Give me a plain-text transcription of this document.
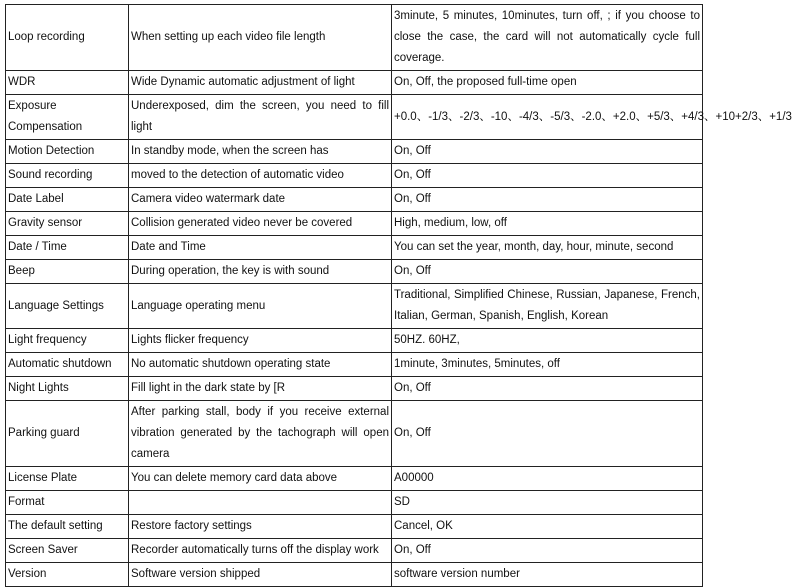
Loop recording	When setting up each video file length	3minute, 5 minutes, 10minutes, turn off, ; if you choose to close the case, the card will not automatically cycle full coverage.
WDR	Wide Dynamic automatic adjustment of light	On, Off, the proposed full-time open
Exposure Compensation	Underexposed, dim the screen, you need to fill light	+0.0、-1/3、-2/3、-10、-4/3、-5/3、-2.0、+2.0、+5/3、+4/3、+10+2/3、+1/3
Motion Detection	In standby mode, when the screen has	On, Off
Sound recording	moved to the detection of automatic video	On, Off
Date Label	Camera video watermark date	On, Off
Gravity sensor	Collision generated video never be covered	High, medium, low, off
Date / Time	Date and Time	You can set the year, month, day, hour, minute, second
Beep	During operation, the key is with sound	On, Off
Language Settings	Language operating menu	Traditional, Simplified Chinese, Russian, Japanese, French, Italian, German, Spanish, English, Korean
Light frequency	Lights flicker frequency	50HZ. 60HZ,
Automatic shutdown	No automatic shutdown operating state	1minute, 3minutes, 5minutes, off
Night Lights	Fill light in the dark state by [R	On, Off
Parking guard	After parking stall, body if you receive external vibration generated by the tachograph will open camera	On, Off
License Plate	You can delete memory card data above	A00000
Format		SD
The default setting	Restore factory settings	Cancel, OK
Screen Saver	Recorder automatically turns off the display work	On, Off
Version	Software version shipped	software version number
